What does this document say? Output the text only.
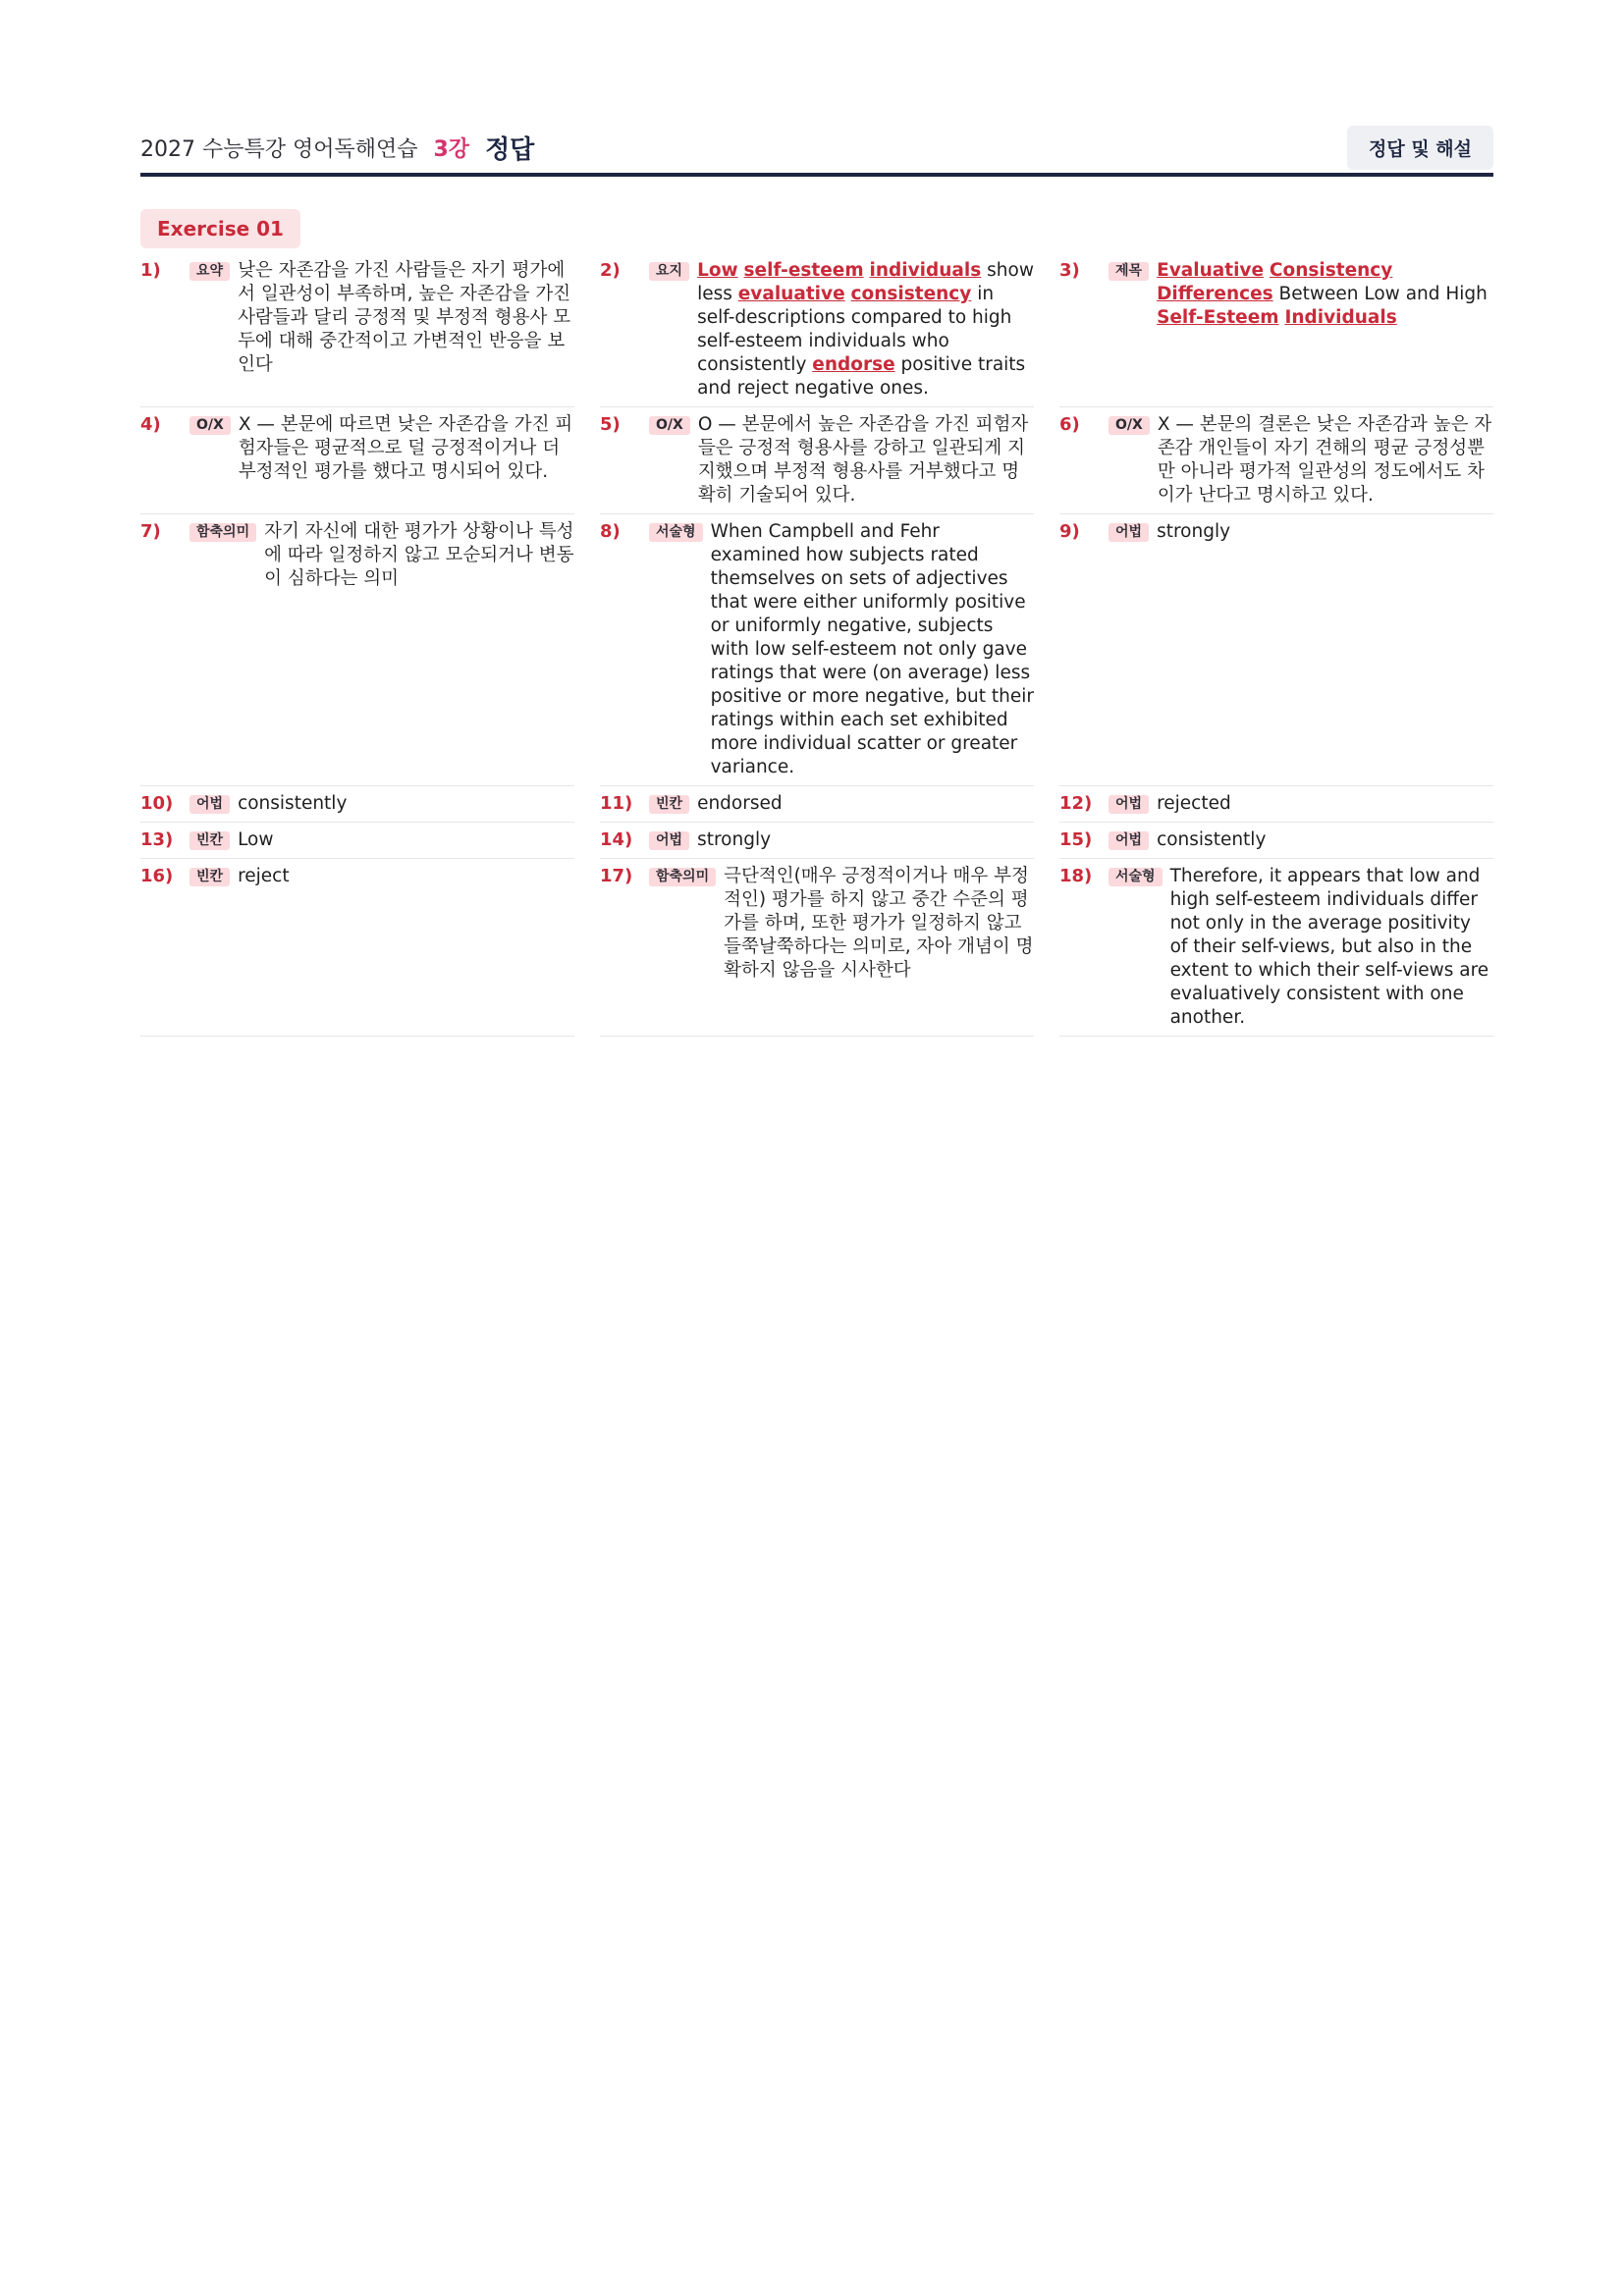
2027 수능특강 영어독해연습 3강 정답	정답 및 해설
Exercise 01
1)	요약 낮은 자존감을 가진 사람들은 자기 평가에서 일관성이 부족하며, 높은 자존감을 가진 사람들과 달리 긍정적 및 부정적 형용사 모두에 대해 중간적이고 가변적인 반응을 보인다
2)	요지 Low self-esteem individuals show less evaluative consistency in self-descriptions compared to high self-esteem individuals who consistently endorse positive traits and reject negative ones.
3)	제목 Evaluative Consistency Differences Between Low and High Self-Esteem Individuals
4)	O/X X — 본문에 따르면 낮은 자존감을 가진 피험자들은 평균적으로 덜 긍정적이거나 더 부정적인 평가를 했다고 명시되어 있다.
5)	O/X O — 본문에서 높은 자존감을 가진 피험자들은 긍정적 형용사를 강하고 일관되게 지지했으며 부정적 형용사를 거부했다고 명확히 기술되어 있다.
6)	O/X X — 본문의 결론은 낮은 자존감과 높은 자존감 개인들이 자기 견해의 평균 긍정성뿐만 아니라 평가적 일관성의 정도에서도 차이가 난다고 명시하고 있다.
7)	함축의미 자기 자신에 대한 평가가 상황이나 특성에 따라 일정하지 않고 모순되거나 변동이 심하다는 의미
8)	서술형 When Campbell and Fehr examined how subjects rated themselves on sets of adjectives that were either uniformly positive or uniformly negative, subjects with low self-esteem not only gave ratings that were (on average) less positive or more negative, but their ratings within each set exhibited more individual scatter or greater variance.
9)	어법 strongly
10)	어법 consistently	11)	빈칸 endorsed	12)	어법 rejected
13)	빈칸 Low	14)	어법 strongly	15)	어법 consistently
16)	빈칸 reject	17)	함축의미 극단적인(매우 긍정적이거나 매우 부정적인) 평가를 하지 않고 중간 수준의 평가를 하며, 또한 평가가 일정하지 않고 들쭉날쭉하다는 의미로, 자아 개념이 명확하지 않음을 시사한다
18)	서술형 Therefore, it appears that low and high self-esteem individuals differ not only in the average positivity of their self-views, but also in the extent to which their self-views are evaluatively consistent with one another.
